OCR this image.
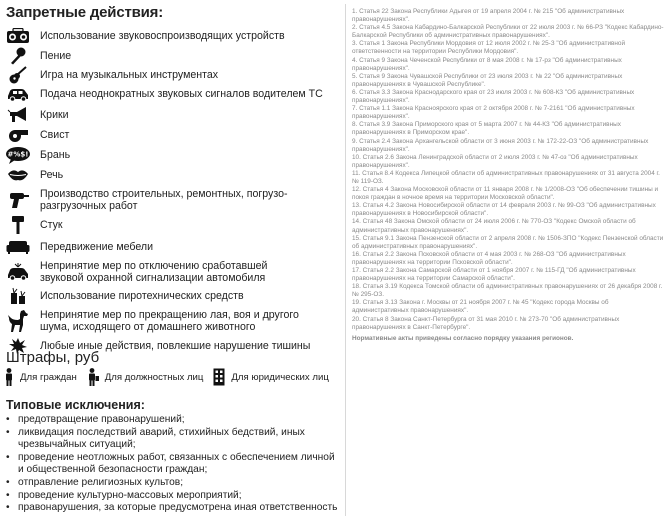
Запретные действия:
Использование звуковоспроизводящих устройств
Пение
Игра на музыкальных инструментах
Подача неоднократных звуковых сигналов водителем ТС
Крики
Свист
#%$! Брань
Речь
Производство строительных, ремонтных, погрузо-разгрузочных работ
Стук
Передвижение мебели
Непринятие мер по отключению сработавшей звуковой охранной сигнализации автомобиля
Использование пиротехнических средств
Непринятие мер по прекращению лая, воя и другого шума, исходящего от домашнего животного
Любые иные действия, повлекшие нарушение тишины
Штрафы, руб
Для граждан	Для должностных лиц	Для юридических лиц
Типовые исключения:
• предотвращение правонарушений;
• ликвидация последствий аварий, стихийных бедствий, иных чрезвычайных ситуаций;
• проведение неотложных работ, связанных с обеспечением личной и общественной безопасности граждан;
• отправление религиозных культов;
• проведение культурно-массовых мероприятий;
• правонарушения, за которые предусмотрена иная ответственность
1. Статья 22 Закона Республики Адыгея от 19 апреля 2004 г. № 215 "Об административных правонарушениях".
2. Статья 4.5 Закона Кабардино-Балкарской Республики от 22 июля 2003 г. № 66-РЗ "Кодекс Кабардино-Балкарской Республики об административных правонарушениях".
3. Статья 1 Закона Республики Мордовия от 12 июля 2002 г. № 25-З "Об административной ответственности на территории Республики Мордовия".
4. Статья 9 Закона Чеченской Республики от 8 мая 2008 г. № 17-рз "Об административных правонарушениях".
5. Статья 9 Закона Чувашской Республики от 23 июля 2003 г. № 22 "Об административных правонарушениях в Чувашской Республике".
6. Статья 3.3 Закона Краснодарского края от 23 июля 2003 г. № 608-КЗ "Об административных правонарушениях".
7. Статья 1.1 Закона Красноярского края от 2 октября 2008 г. № 7-2161 "Об административных правонарушениях".
8. Статья 3.9 Закона Приморского края от 5 марта 2007 г. № 44-КЗ "Об административных правонарушениях в Приморском крае".
9. Статья 2.4 Закона Архангельской области от 3 июня 2003 г. № 172-22-ОЗ "Об административных правонарушениях".
10. Статья 2.6 Закона Ленинградской области от 2 июля 2003 г. № 47-оз "Об административных правонарушениях".
11. Статья 8.4 Кодекса Липецкой области об административных правонарушениях от 31 августа 2004 г. № 119-ОЗ.
12. Статья 4 Закона Московской области от 11 января 2008 г. № 1/2008-ОЗ "Об обеспечении тишины и покоя граждан в ночное время на территории Московской области".
13. Статья 4.2 Закона Новосибирской области от 14 февраля 2003 г. № 99-ОЗ "Об административных правонарушениях в Новосибирской области".
14. Статья 48 Закона Омской области от 24 июля 2006 г. № 770-ОЗ "Кодекс Омской области об административных правонарушениях".
15. Статья 9.1 Закона Пензенской области от 2 апреля 2008 г. № 1506-ЗПО "Кодекс Пензенской области об административных правонарушениях".
16. Статья 2.2 Закона Псковской области от 4 мая 2003 г. № 268-ОЗ "Об административных правонарушениях на территории Псковской области".
17. Статья 2.2 Закона Самарской области от 1 ноября 2007 г. № 115-ГД "Об административных правонарушениях на территории Самарской области".
18. Статья 3.19 Кодекса Томской области об административных правонарушениях от 26 декабря 2008 г. № 295-ОЗ.
19. Статья 3.13 Закона г. Москвы от 21 ноября 2007 г. № 45 "Кодекс города Москвы об административных правонарушениях".
20. Статья 8 Закона Санкт-Петербурга от 31 мая 2010 г. № 273-70 "Об административных правонарушениях в Санкт-Петербурге".
Нормативные акты приведены согласно порядку указания регионов.
